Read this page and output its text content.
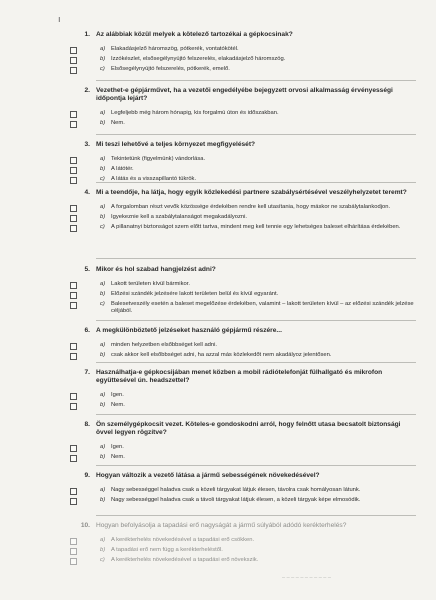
ı
1. Az alábbiak közül melyek a kötelező tartozékai a gépkocsinak?
a)	Elakadásjelző háromszög, pótkerék, vontatókötél.
b)	Izzókészlet, elsősegélynyújtó felszerelés, elakadásjelző háromszög.
c)	Elsősegélynyújtó felszerelés, pótkerék, emelő.
2. Vezethet-e gépjárművet, ha a vezetői engedélyébe bejegyzett orvosi alkalmasság érvényességi időpontja lejárt?
a)	Legfeljebb még három hónapig, kis forgalmú úton és időszakban.
b)	Nem.
3. Mi teszi lehetővé a teljes környezet megfigyelését?
a)	Tekintetünk (figyelmünk) vándorlása.
b)	A látótér.
c)	A látás és a visszapillantó tükrök.
4. Mi a teendője, ha látja, hogy egyik közlekedési partnere szabálysértésével veszélyhelyzetet teremt?
a)	A forgalomban részt vevők közössége érdekében rendre kell utasítania, hogy máskor ne szabálytalankodjon.
b)	Igyekeznie kell a szabálytalanságot megakadályozni.
c)	A pillanatnyi biztonságot szem előtt tartva, mindent meg kell tennie egy lehetséges baleset elhárítása érdekében.
5. Mikor és hol szabad hangjelzést adni?
a)	Lakott területen kívül bármikor.
b)	Előzési szándék jelzésére lakott területen belül és kívül egyaránt.
c)	Balesetveszély esetén a baleset megelőzése érdekében, valamint – lakott területen kívül – az előzési szándék jelzése céljából.
6. A megkülönböztető jelzéseket használó gépjármű részére...
a)	minden helyzetben elsőbbséget kell adni.
b)	csak akkor kell elsőbbséget adni, ha azzal más közlekedőt nem akadályoz jelentősen.
7. Használhatja-e gépkocsijában menet közben a mobil rádiótelefonját fülhallgató és mikrofon együttesével ún. headszettel?
a)	Igen.
b)	Nem.
8. Ön személygépkocsit vezet. Köteles-e gondoskodni arról, hogy felnőtt utasa becsatolt biztonsági övvel legyen rögzítve?
a)	Igen.
b)	Nem.
9. Hogyan változik a vezető látása a jármű sebességének növekedésével?
a)	Nagy sebességgel haladva csak a közeli tárgyakat látjuk élesen, távolra csak homályosan látunk.
b)	Nagy sebességgel haladva csak a távoli tárgyakat látjuk élesen, a közeli tárgyak képe elmosódik.
10. Hogyan befolyásolja a tapadási erő nagyságát a jármű súlyából adódó kerékterhelés?
a)	A kerékterhelés növekedésével a tapadási erő csökken.
b)	A tapadási erő nem függ a kerékterheléstől.
c)	A kerékterhelés növekedésével a tapadási erő növekszik.
– – – – – – – – – – –
